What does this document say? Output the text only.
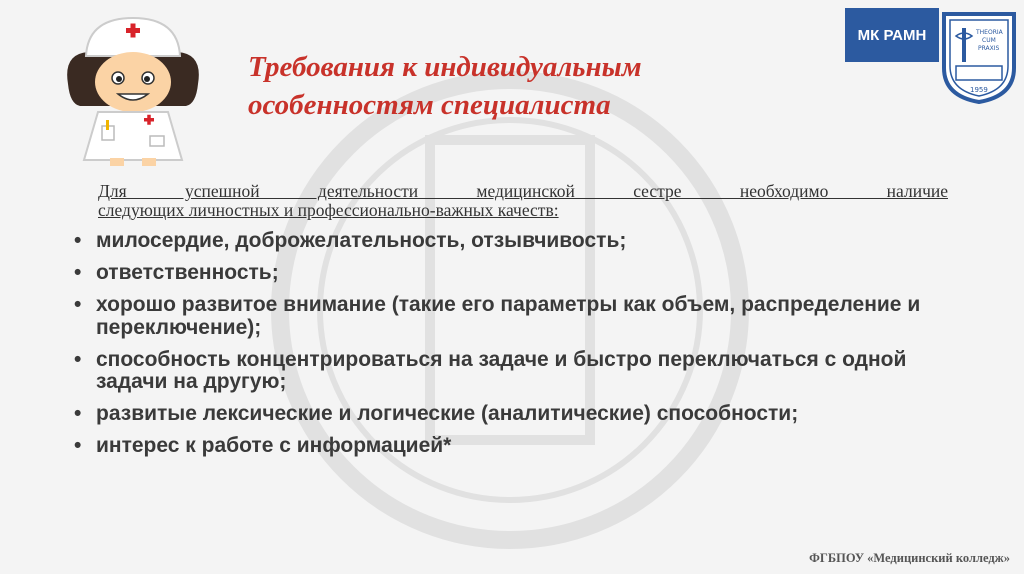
Требования к индивидуальным особенностям специалиста
МК РАМН	THEORIA
CUM
PRAXIS
1959

Для успешной деятельности медицинской сестре необходимо наличие
следующих личностных и профессионально-важных качеств:

• милосердие, доброжелательность, отзывчивость;
• ответственность;
• хорошо развитое внимание (такие его параметры как объем, распределение и переключение);
• способность концентрироваться на задаче и быстро переключаться с одной задачи на другую;
• развитые лексические и логические (аналитические) способности;
• интерес к работе с информацией*
ФГБПОУ «Медицинский колледж»
